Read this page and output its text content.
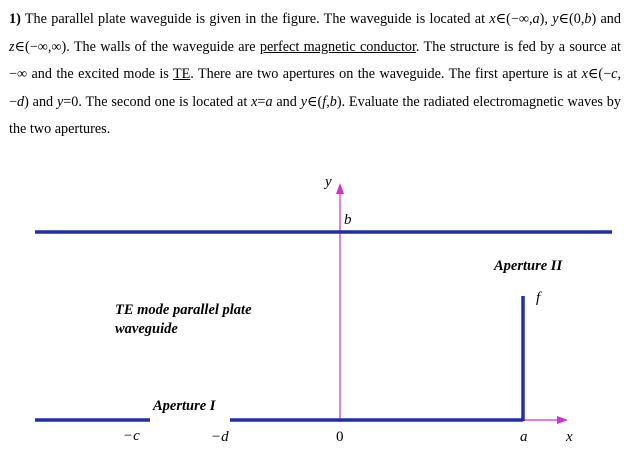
1) The parallel plate waveguide is given in the figure. The waveguide is located at x∈(−∞,a), y∈(0,b) and z∈(−∞,∞). The walls of the waveguide are perfect magnetic conductor. The structure is fed by a source at −∞ and the excited mode is TE. There are two apertures on the waveguide. The first aperture is at x∈(−c,−d) and y=0. The second one is located at x=a and y∈(f,b). Evaluate the radiated electromagnetic waves by the two apertures.

y
b
Aperture II
f
TE mode parallel plate
waveguide
Aperture I
−c	−d	0	a	x
